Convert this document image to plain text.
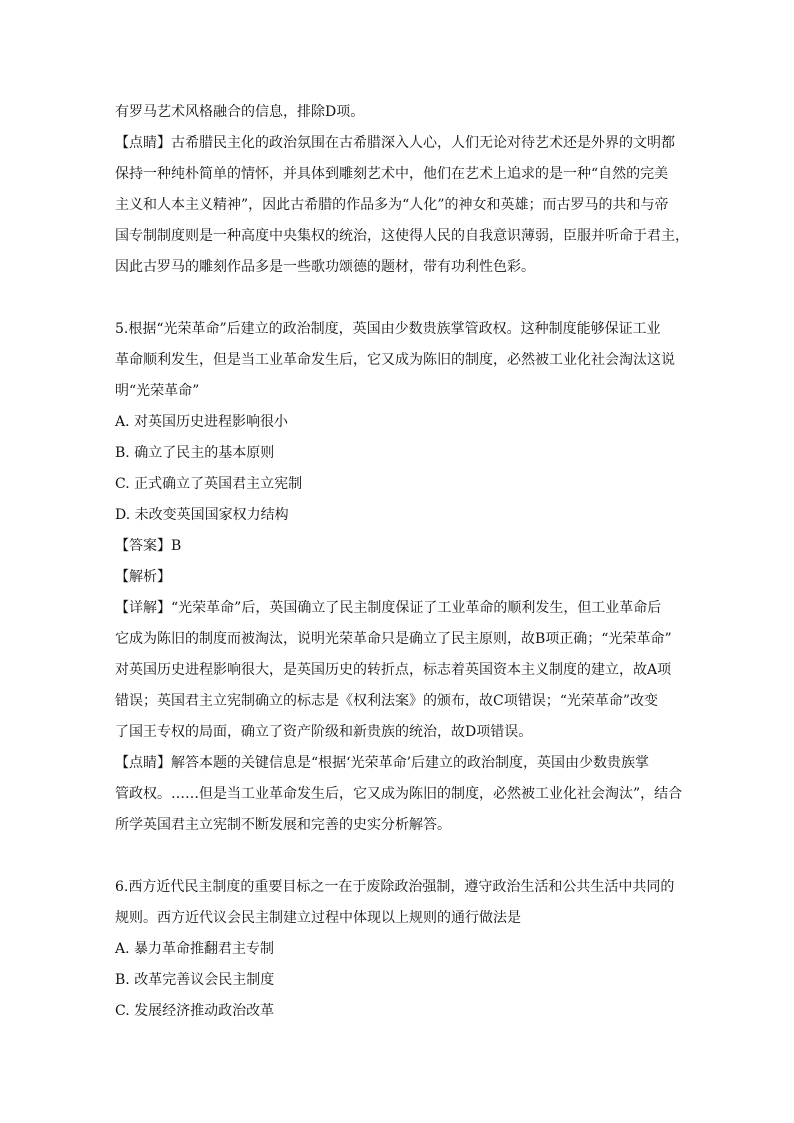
有罗马艺术风格融合的信息，排除D项。
【点睛】古希腊民主化的政治氛围在古希腊深入人心，人们无论对待艺术还是外界的文明都
保持一种纯朴简单的情怀，并具体到雕刻艺术中，他们在艺术上追求的是一种“自然的完美
主义和人本主义精神”，因此古希腊的作品多为“人化”的神女和英雄；而古罗马的共和与帝
国专制制度则是一种高度中央集权的统治，这使得人民的自我意识薄弱，臣服并听命于君主，
因此古罗马的雕刻作品多是一些歌功颂德的题材，带有功利性色彩。
5.根据“光荣革命”后建立的政治制度，英国由少数贵族掌管政权。这种制度能够保证工业
革命顺利发生，但是当工业革命发生后，它又成为陈旧的制度，必然被工业化社会淘汰这说
明“光荣革命”
A. 对英国历史进程影响很小
B. 确立了民主的基本原则
C. 正式确立了英国君主立宪制
D. 未改变英国国家权力结构
【答案】B
【解析】
【详解】“光荣革命”后，英国确立了民主制度保证了工业革命的顺利发生，但工业革命后
它成为陈旧的制度而被淘汰，说明光荣革命只是确立了民主原则，故B项正确；“光荣革命”
对英国历史进程影响很大，是英国历史的转折点，标志着英国资本主义制度的建立，故A项
错误；英国君主立宪制确立的标志是《权利法案》的颁布，故C项错误；“光荣革命”改变
了国王专权的局面，确立了资产阶级和新贵族的统治，故D项错误。
【点睛】解答本题的关键信息是“根据‘光荣革命’后建立的政治制度，英国由少数贵族掌
管政权。……但是当工业革命发生后，它又成为陈旧的制度，必然被工业化社会淘汰”，结合
所学英国君主立宪制不断发展和完善的史实分析解答。
6.西方近代民主制度的重要目标之一在于废除政治强制，遵守政治生活和公共生活中共同的
规则。西方近代议会民主制建立过程中体现以上规则的通行做法是
A. 暴力革命推翻君主专制
B. 改革完善议会民主制度
C. 发展经济推动政治改革
